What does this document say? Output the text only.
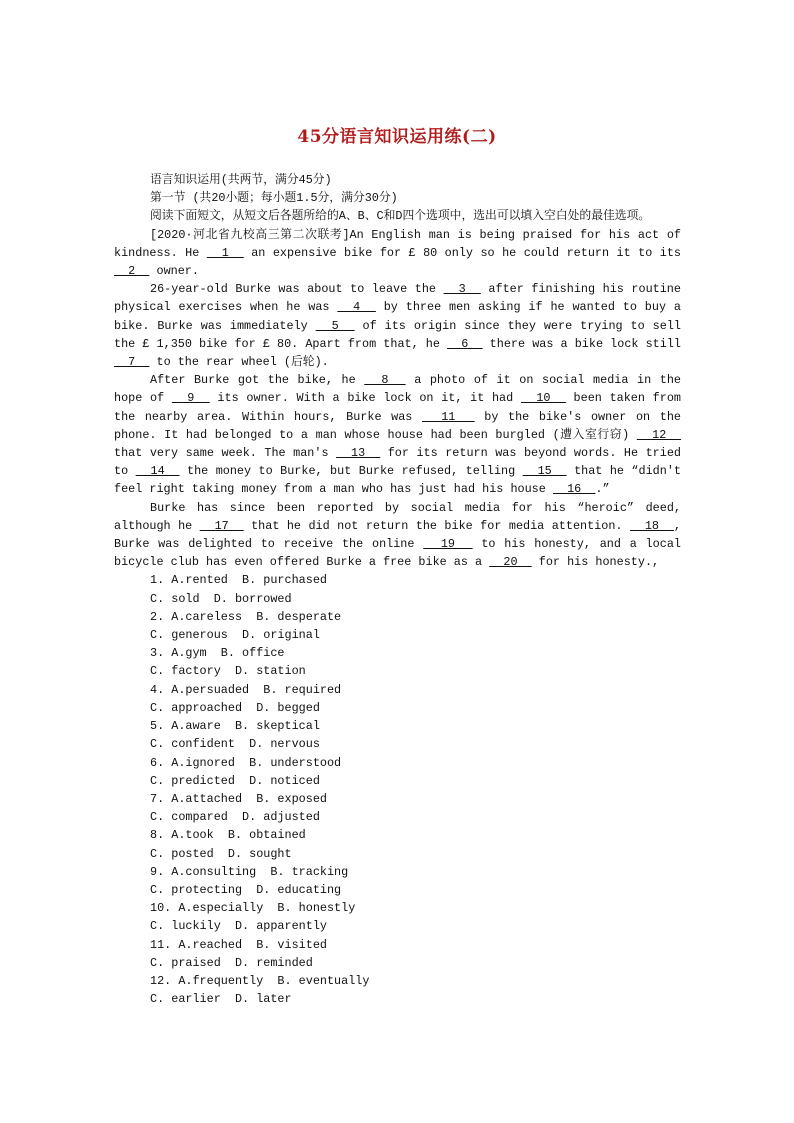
45分语言知识运用练(二)

语言知识运用(共两节，满分45分)

第一节 (共20小题；每小题1.5分，满分30分)

阅读下面短文，从短文后各题所给的A、B、C和D四个选项中，选出可以填入空白处的最佳选项。

[2020·河北省九校高三第二次联考]An English man is being praised for his act of kindness. He   1   an expensive bike for £ 80 only so he could return it to its   2   owner.

26-year-old Burke was about to leave the   3   after finishing his routine physical exercises when he was   4   by three men asking if he wanted to buy a bike. Burke was immediately   5   of its origin since they were trying to sell the £ 1,350 bike for £ 80. Apart from that, he   6   there was a bike lock still   7   to the rear wheel (后轮).

After Burke got the bike, he   8   a photo of it on social media in the hope of   9   its owner. With a bike lock on it, it had   10   been taken from the nearby area. Within hours, Burke was   11   by the bike's owner on the phone. It had belonged to a man whose house had been burgled (遭入室行窃)   12   that very same week. The man's   13   for its return was beyond words. He tried to   14   the money to Burke, but Burke refused, telling   15   that he “didn't feel right taking money from a man who has just had his house   16  .”

Burke has since been reported by social media for his “heroic” deed, although he   17   that he did not return the bike for media attention.   18  , Burke was delighted to receive the online   19   to his honesty, and a local bicycle club has even offered Burke a free bike as a   20   for his honesty.,

1. A.rented  B. purchased
C. sold  D. borrowed
2. A.careless  B. desperate
C. generous  D. original
3. A.gym  B. office
C. factory  D. station
4. A.persuaded  B. required
C. approached  D. begged
5. A.aware  B. skeptical
C. confident  D. nervous
6. A.ignored  B. understood
C. predicted  D. noticed
7. A.attached  B. exposed
C. compared  D. adjusted
8. A.took  B. obtained
C. posted  D. sought
9. A.consulting  B. tracking
C. protecting  D. educating
10. A.especially  B. honestly
C. luckily  D. apparently
11. A.reached  B. visited
C. praised  D. reminded
12. A.frequently  B. eventually
C. earlier  D. later
